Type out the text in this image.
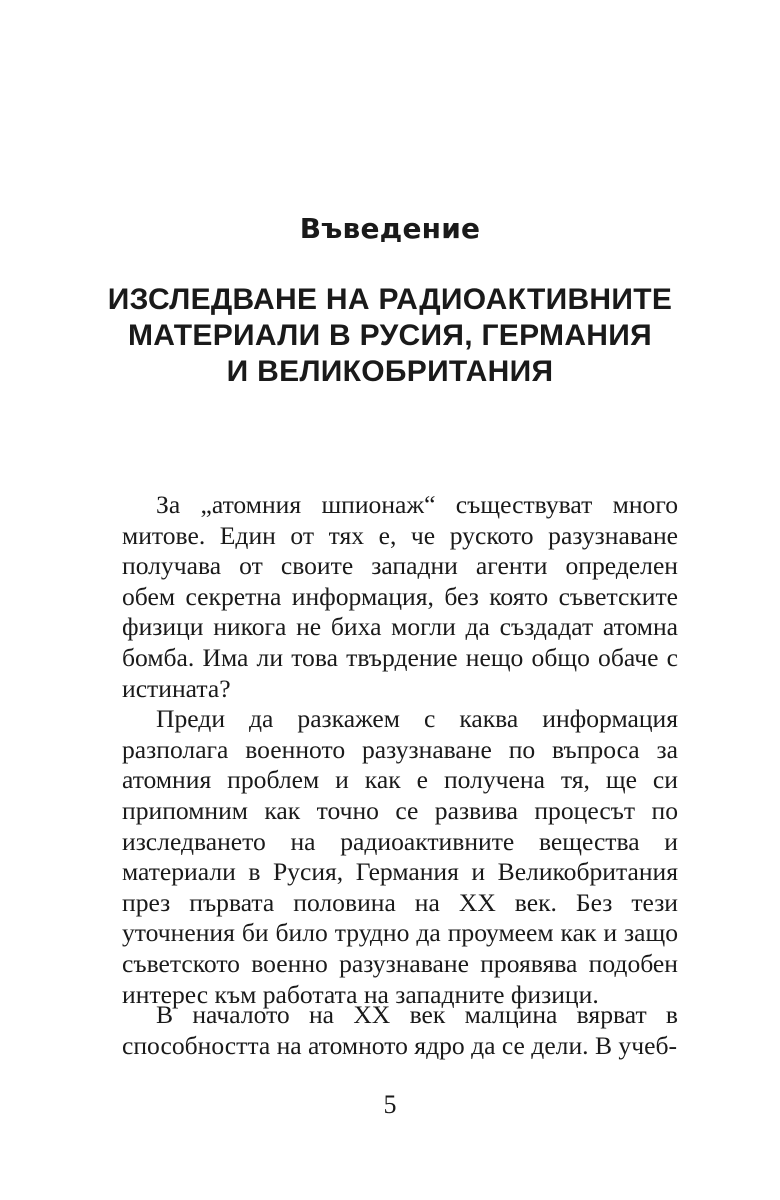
Въведение
ИЗСЛЕДВАНЕ НА РАДИОАКТИВНИТЕ
МАТЕРИАЛИ В РУСИЯ, ГЕРМАНИЯ
И ВЕЛИКОБРИТАНИЯ

За „атомния шпионаж“ съществуват много митове. Един от тях е, че руското разузнаване получава от своите западни агенти определен обем секретна информация, без която съветските физици никога не биха могли да създадат атомна бомба. Има ли това твърдение нещо общо обаче с истината?

Преди да разкажем с каква информация разполага военното разузнаване по въпроса за атомния проблем и как е получена тя, ще си припомним как точно се развива процесът по изследването на радиоактивните вещества и материали в Русия, Германия и Великобритания през първата половина на XX век. Без тези уточнения би било трудно да проумеем как и защо съветското военно разузнаване проявява подобен интерес към работата на западните физици.

В началото на XX век малцина вярват в способността на атомното ядро да се дели. В учеб-

5
